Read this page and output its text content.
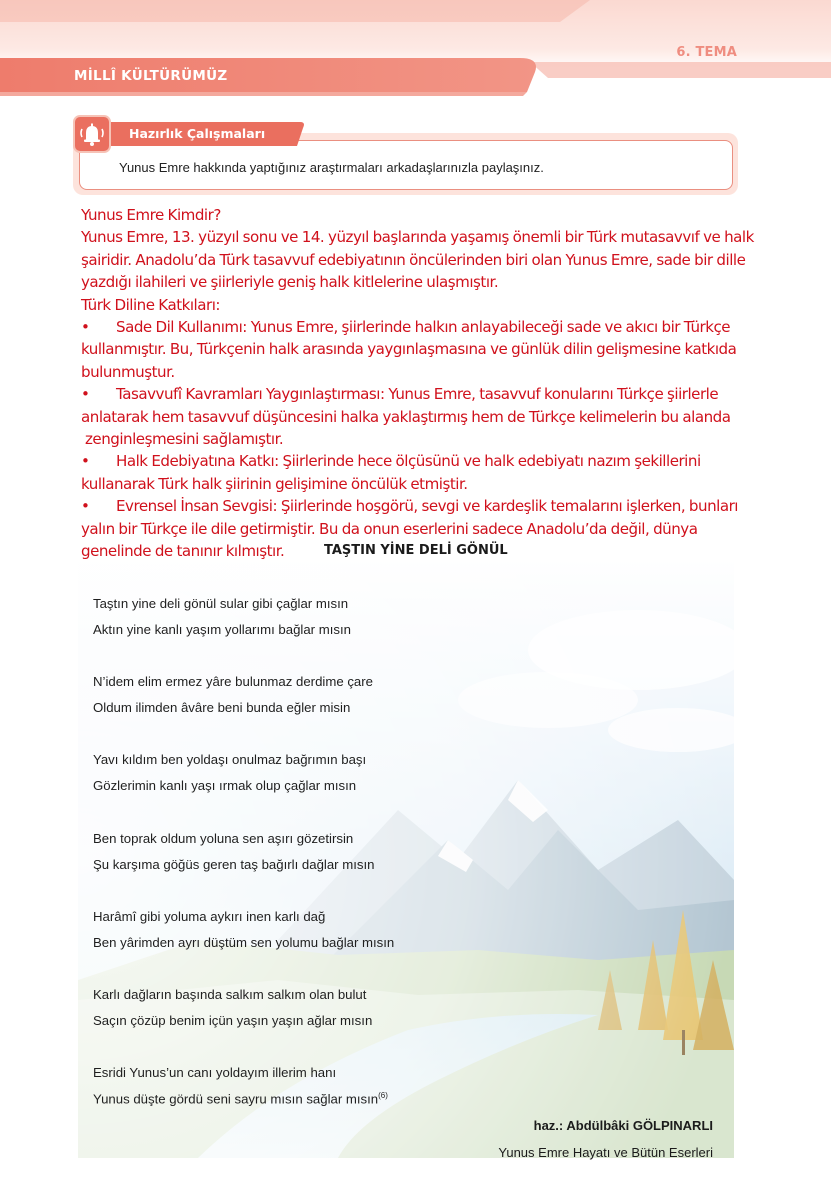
6. TEMA
MİLLÎ KÜLTÜRÜMÜZ
Hazırlık Çalışmaları
Yunus Emre hakkında yaptığınız araştırmaları arkadaşlarınızla paylaşınız.

Yunus Emre Kimdir?

Yunus Emre, 13. yüzyıl sonu ve 14. yüzyıl başlarında yaşamış önemli bir Türk mutasavvıf ve halk

şairidir. Anadolu’da Türk tasavvuf edebiyatının öncülerinden biri olan Yunus Emre, sade bir dille

yazdığı ilahileri ve şiirleriyle geniş halk kitlelerine ulaşmıştır.

Türk Diline Katkıları:

• Sade Dil Kullanımı: Yunus Emre, şiirlerinde halkın anlayabileceği sade ve akıcı bir Türkçe

kullanmıştır. Bu, Türkçenin halk arasında yaygınlaşmasına ve günlük dilin gelişmesine katkıda

bulunmuştur.

• Tasavvufî Kavramları Yaygınlaştırması: Yunus Emre, tasavvuf konularını Türkçe şiirlerle

anlatarak hem tasavvuf düşüncesini halka yaklaştırmış hem de Türkçe kelimelerin bu alanda

zenginleşmesini sağlamıştır.

• Halk Edebiyatına Katkı: Şiirlerinde hece ölçüsünü ve halk edebiyatı nazım şekillerini

kullanarak Türk halk şiirinin gelişimine öncülük etmiştir.

• Evrensel İnsan Sevgisi: Şiirlerinde hoşgörü, sevgi ve kardeşlik temalarını işlerken, bunları

yalın bir Türkçe ile dile getirmiştir. Bu da onun eserlerini sadece Anadolu’da değil, dünya

genelinde de tanınır kılmıştır.	TAŞTIN YİNE DELİ GÖNÜL
Taştın yine deli gönül sular gibi çağlar mısın
Aktın yine kanlı yaşım yollarımı bağlar mısın
N’idem elim ermez yâre bulunmaz derdime çare
Oldum ilimden âvâre beni bunda eğler misin
Yavı kıldım ben yoldaşı onulmaz bağrımın başı
Gözlerimin kanlı yaşı ırmak olup çağlar mısın
Ben toprak oldum yoluna sen aşırı gözetirsin
Şu karşıma göğüs geren taş bağırlı dağlar mısın
Harâmî gibi yoluma aykırı inen karlı dağ
Ben yârimden ayrı düştüm sen yolumu bağlar mısın
Karlı dağların başında salkım salkım olan bulut
Saçın çözüp benim içün yaşın yaşın ağlar mısın
Esridi Yunus’un canı yoldayım illerim hanı
Yunus düşte gördü seni sayru mısın sağlar mısın$^{(6)}$
haz.: Abdülbâki GÖLPINARLI
Yunus Emre Hayatı ve Bütün Eserleri
